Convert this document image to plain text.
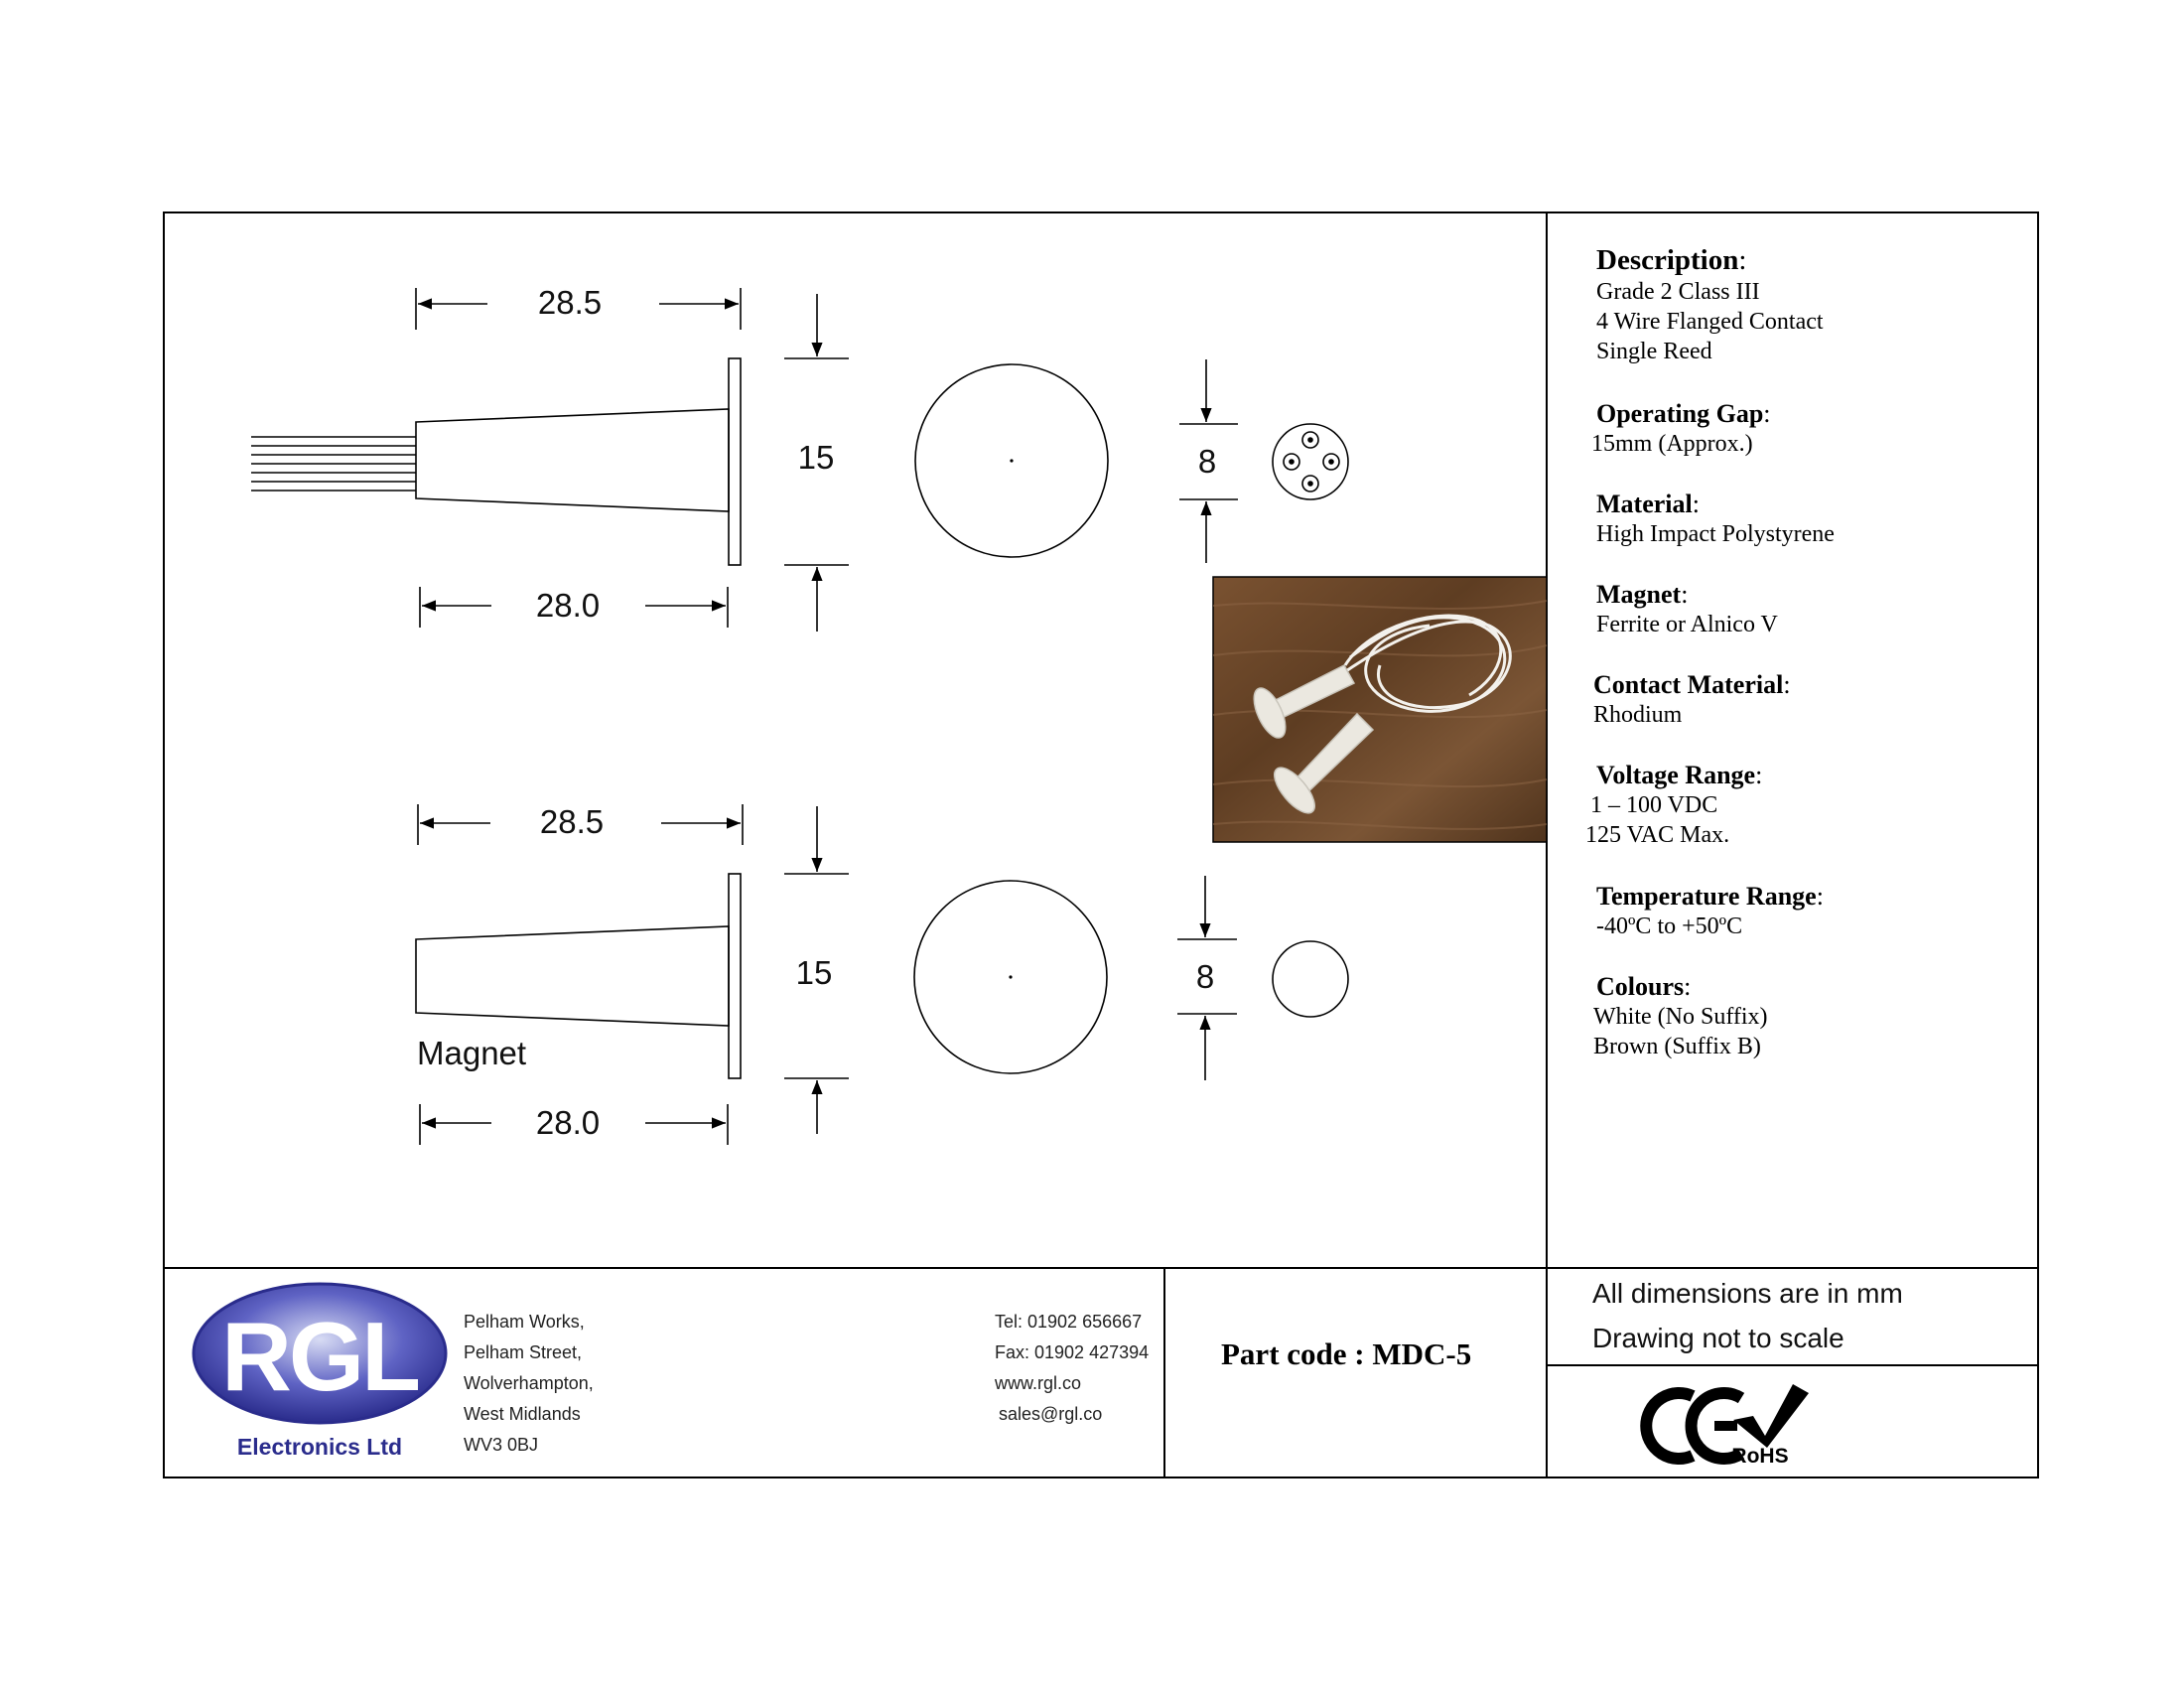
28.5
28.0
15	8
Magnet
28.5
28.0
15	8
RGL
Electronics Ltd	RoHS
Description:
Grade 2 Class III
4 Wire Flanged Contact
Single Reed
Operating Gap:
15mm (Approx.)
Material:
High Impact Polystyrene
Magnet:
Ferrite or Alnico V
Contact Material:
Rhodium
Voltage Range:
1 – 100 VDC
125 VAC Max.
Temperature Range:
-40ºC to +50ºC
Colours:
White (No Suffix)
Brown (Suffix B)
Pelham Works,
Pelham Street,
Wolverhampton,
West Midlands
WV3 0BJ
Tel: 01902 656667
Fax: 01902 427394
www.rgl.co
sales@rgl.co
Part code : MDC-5
All dimensions are in mm
Drawing not to scale
